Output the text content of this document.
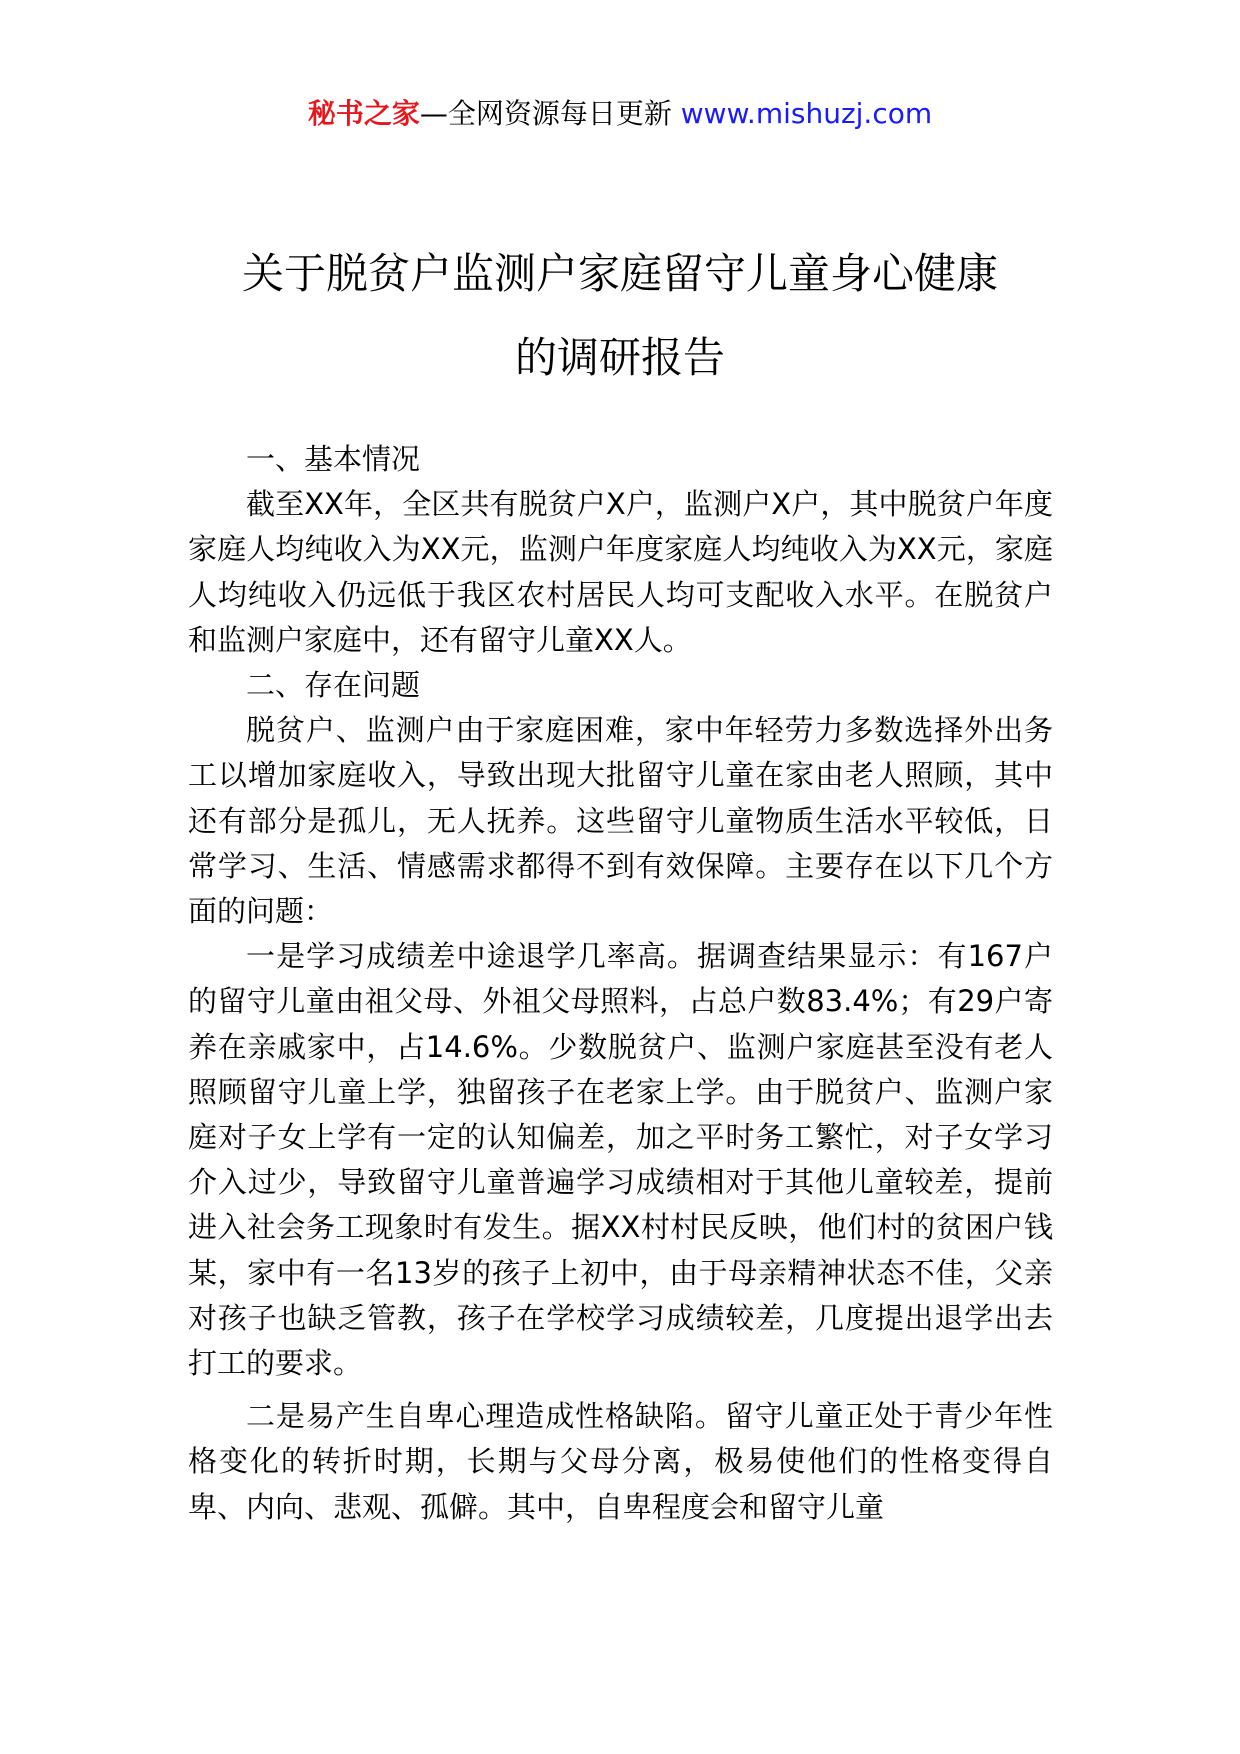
秘书之家—全网资源每日更新 www.mishuzj.com
关于脱贫户监测户家庭留守儿童身心健康
的调研报告

一、基本情况

截至XX年，全区共有脱贫户X户，监测户X户，其中脱贫户年度家庭人均纯收入为XX元，监测户年度家庭人均纯收入为XX元，家庭人均纯收入仍远低于我区农村居民人均可支配收入水平。在脱贫户和监测户家庭中，还有留守儿童XX人。

二、存在问题

脱贫户、监测户由于家庭困难，家中年轻劳力多数选择外出务工以增加家庭收入，导致出现大批留守儿童在家由老人照顾，其中还有部分是孤儿，无人抚养。这些留守儿童物质生活水平较低，日常学习、生活、情感需求都得不到有效保障。主要存在以下几个方面的问题：

一是学习成绩差中途退学几率高。据调查结果显示：有167户的留守儿童由祖父母、外祖父母照料，占总户数83.4%；有29户寄养在亲戚家中，占14.6%。少数脱贫户、监测户家庭甚至没有老人照顾留守儿童上学，独留孩子在老家上学。由于脱贫户、监测户家庭对子女上学有一定的认知偏差，加之平时务工繁忙，对子女学习介入过少，导致留守儿童普遍学习成绩相对于其他儿童较差，提前进入社会务工现象时有发生。据XX村村民反映，他们村的贫困户钱某，家中有一名13岁的孩子上初中，由于母亲精神状态不佳，父亲对孩子也缺乏管教，孩子在学校学习成绩较差，几度提出退学出去打工的要求。

二是易产生自卑心理造成性格缺陷。留守儿童正处于青少年性格变化的转折时期，长期与父母分离，极易使他们的性格变得自卑、内向、悲观、孤僻。其中，自卑程度会和留守儿童
